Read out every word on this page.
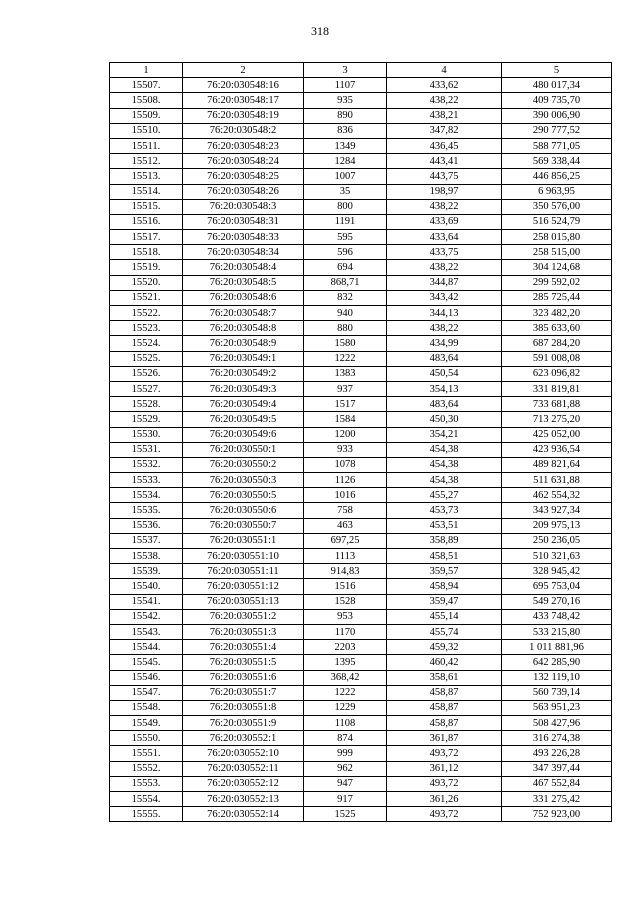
318
1	2	3	4	5
15507.	76:20:030548:16	1107	433,62	480 017,34
15508.	76:20:030548:17	935	438,22	409 735,70
15509.	76:20:030548:19	890	438,21	390 006,90
15510.	76:20:030548:2	836	347,82	290 777,52
15511.	76:20:030548:23	1349	436,45	588 771,05
15512.	76:20:030548:24	1284	443,41	569 338,44
15513.	76:20:030548:25	1007	443,75	446 856,25
15514.	76:20:030548:26	35	198,97	6 963,95
15515.	76:20:030548:3	800	438,22	350 576,00
15516.	76:20:030548:31	1191	433,69	516 524,79
15517.	76:20:030548:33	595	433,64	258 015,80
15518.	76:20:030548:34	596	433,75	258 515,00
15519.	76:20:030548:4	694	438,22	304 124,68
15520.	76:20:030548:5	868,71	344,87	299 592,02
15521.	76:20:030548:6	832	343,42	285 725,44
15522.	76:20:030548:7	940	344,13	323 482,20
15523.	76:20:030548:8	880	438,22	385 633,60
15524.	76:20:030548:9	1580	434,99	687 284,20
15525.	76:20:030549:1	1222	483,64	591 008,08
15526.	76:20:030549:2	1383	450,54	623 096,82
15527.	76:20:030549:3	937	354,13	331 819,81
15528.	76:20:030549:4	1517	483,64	733 681,88
15529.	76:20:030549:5	1584	450,30	713 275,20
15530.	76:20:030549:6	1200	354,21	425 052,00
15531.	76:20:030550:1	933	454,38	423 936,54
15532.	76:20:030550:2	1078	454,38	489 821,64
15533.	76:20:030550:3	1126	454,38	511 631,88
15534.	76:20:030550:5	1016	455,27	462 554,32
15535.	76:20:030550:6	758	453,73	343 927,34
15536.	76:20:030550:7	463	453,51	209 975,13
15537.	76:20:030551:1	697,25	358,89	250 236,05
15538.	76:20:030551:10	1113	458,51	510 321,63
15539.	76:20:030551:11	914,83	359,57	328 945,42
15540.	76:20:030551:12	1516	458,94	695 753,04
15541.	76:20:030551:13	1528	359,47	549 270,16
15542.	76:20:030551:2	953	455,14	433 748,42
15543.	76:20:030551:3	1170	455,74	533 215,80
15544.	76:20:030551:4	2203	459,32	1 011 881,96
15545.	76:20:030551:5	1395	460,42	642 285,90
15546.	76:20:030551:6	368,42	358,61	132 119,10
15547.	76:20:030551:7	1222	458,87	560 739,14
15548.	76:20:030551:8	1229	458,87	563 951,23
15549.	76:20:030551:9	1108	458,87	508 427,96
15550.	76:20:030552:1	874	361,87	316 274,38
15551.	76:20:030552:10	999	493,72	493 226,28
15552.	76:20:030552:11	962	361,12	347 397,44
15553.	76:20:030552:12	947	493,72	467 552,84
15554.	76:20:030552:13	917	361,26	331 275,42
15555.	76:20:030552:14	1525	493,72	752 923,00
